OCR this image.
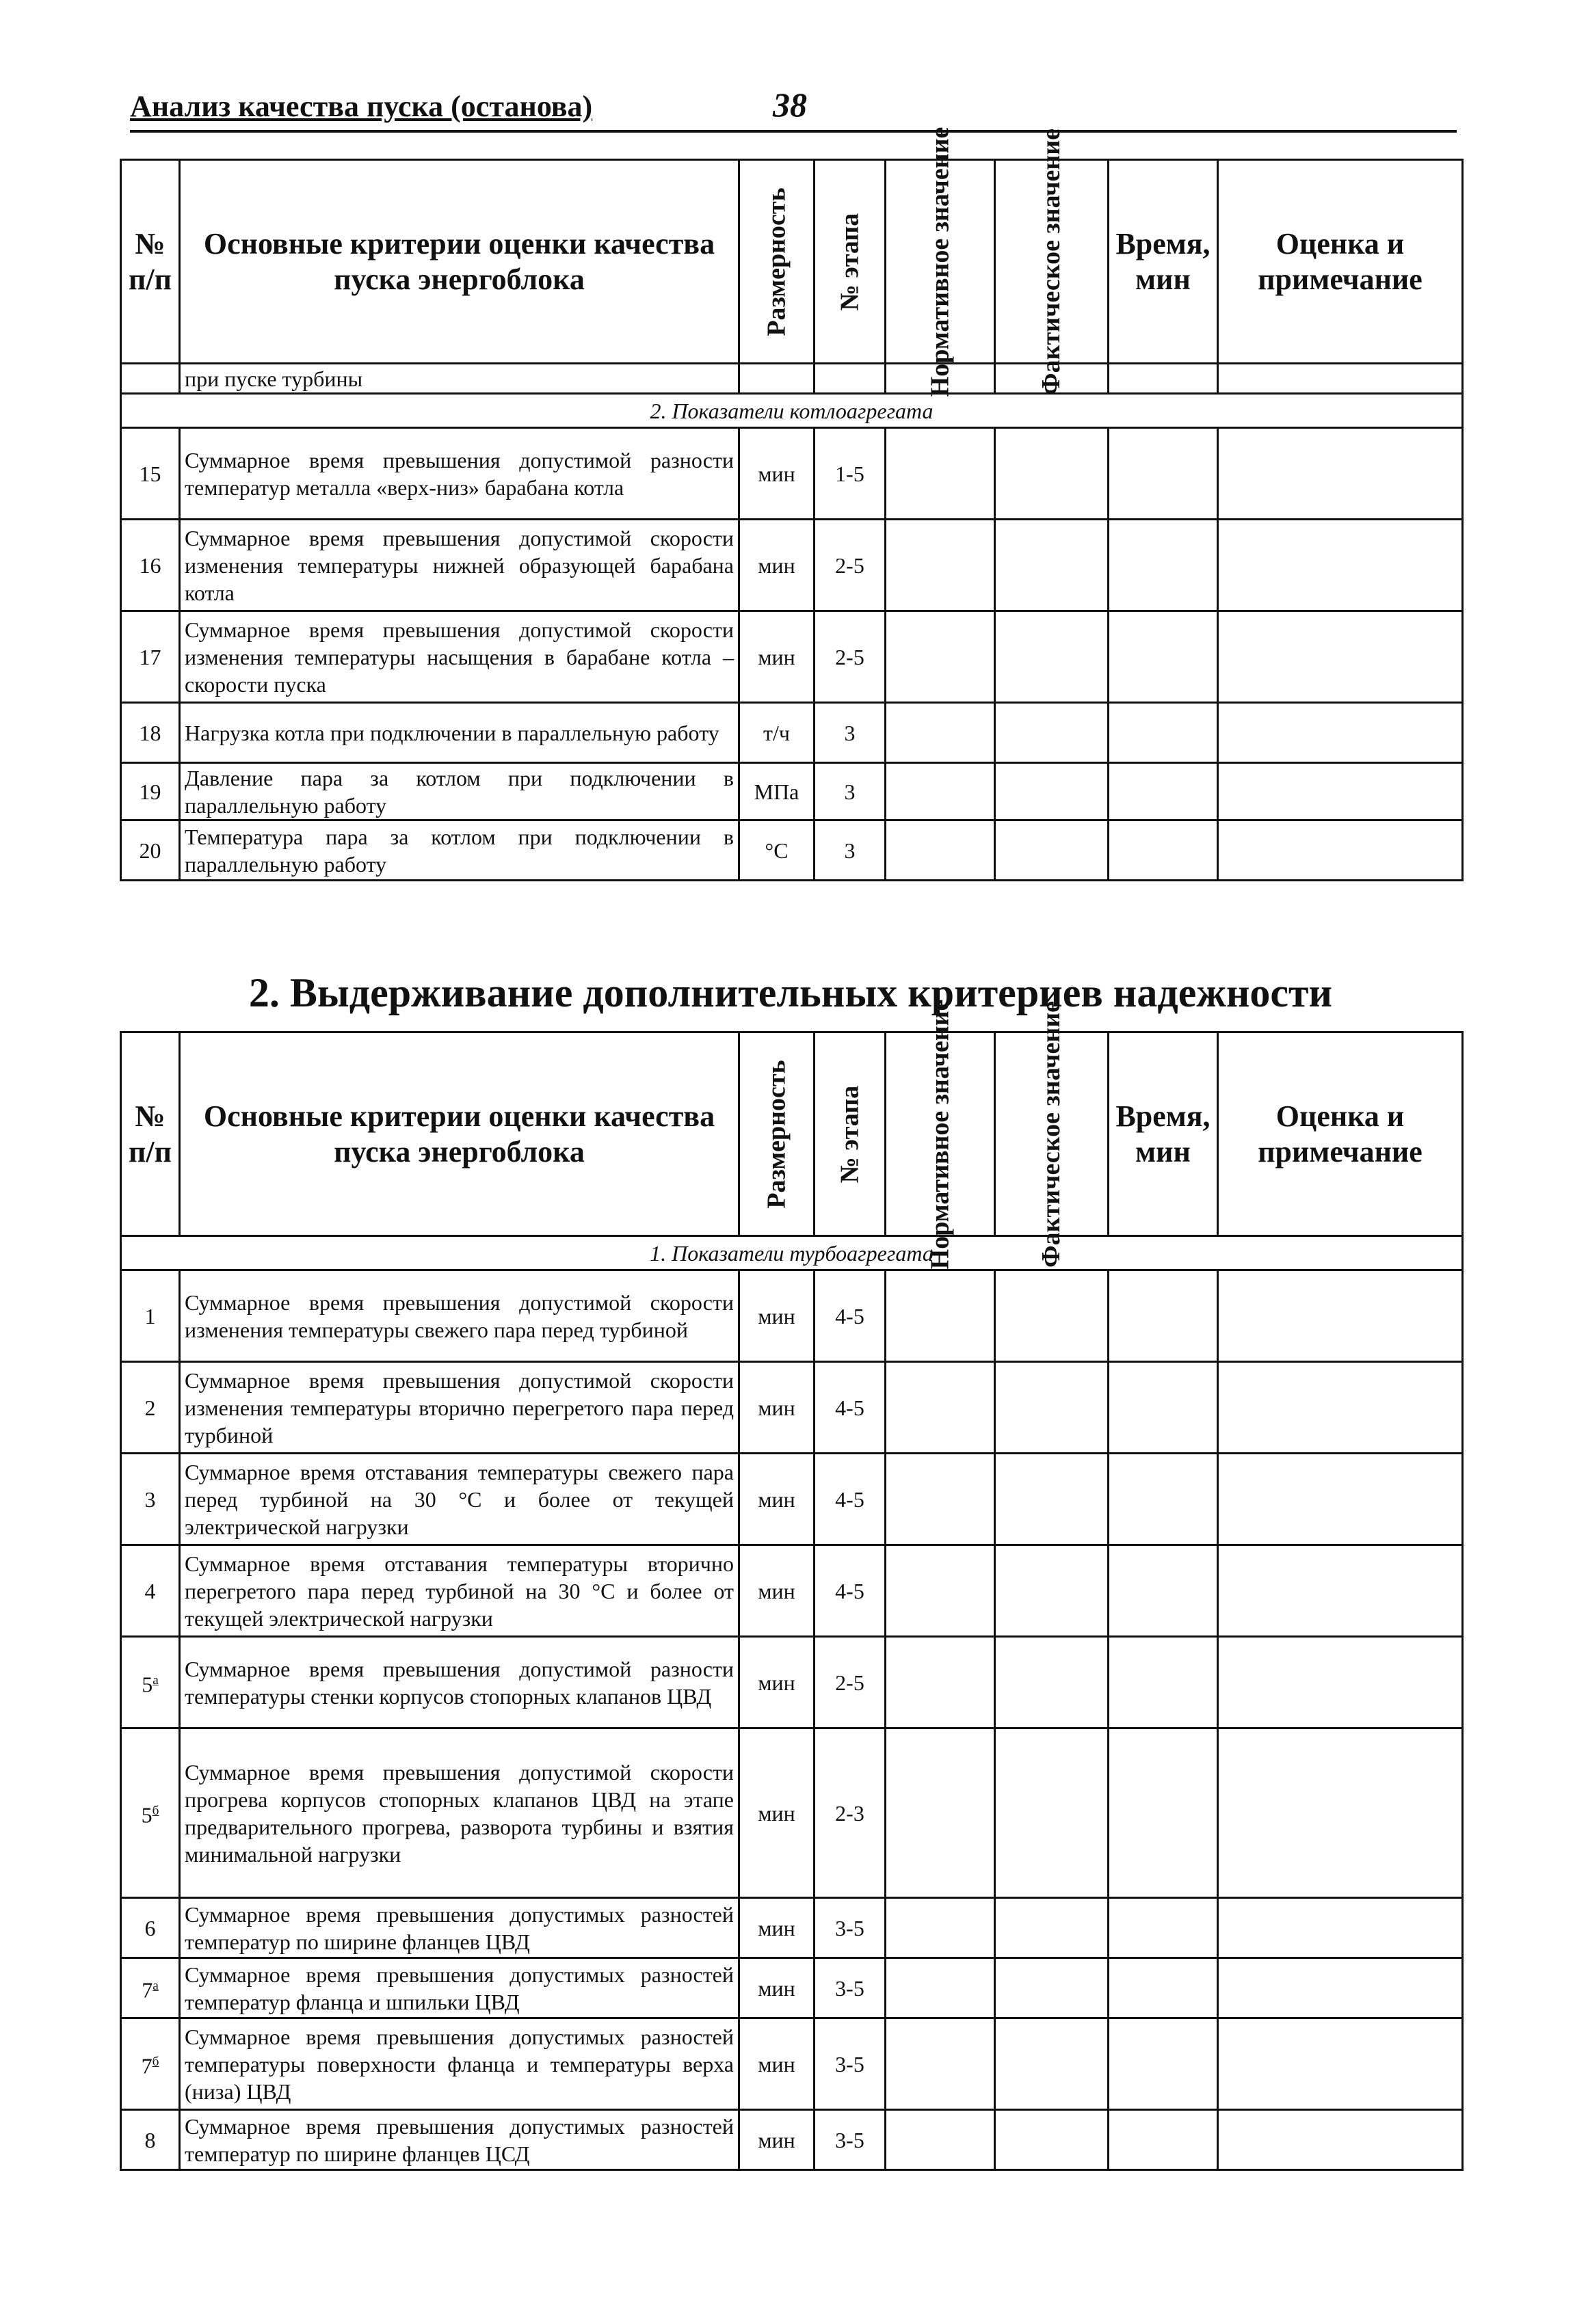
Анализ качества пуска (останова)	38
№ п/п	Основные критерии оценки качества пуска энергоблока	Размерность	№ этапа	Нормативное значение	Фактическое значение	Время, мин	Оценка и примечание
	при пуске турбины						
2. Показатели котлоагрегата							
15	Суммарное время превышения допустимой разности температур металла «верх-низ» барабана котла	мин	1-5				
16	Суммарное время превышения допустимой скорости изменения температуры нижней образующей барабана котла	мин	2-5				
17	Суммарное время превышения допустимой скорости изменения температуры насыщения в барабане котла – скорости пуска	мин	2-5				
18	Нагрузка котла при подключении в параллельную работу	т/ч	3				
19	Давление пара за котлом при подключении в параллельную работу	МПа	3				
20	Температура пара за котлом при подключении в параллельную работу	°С	3				
2. Выдерживание дополнительных критериев надежности
№ п/п	Основные критерии оценки качества пуска энергоблока	Размерность	№ этапа	Нормативное значение	Фактическое значение	Время, мин	Оценка и примечание
1. Показатели турбоагрегата							
1	Суммарное время превышения допустимой скорости изменения температуры свежего пара перед турбиной	мин	4-5				
2	Суммарное время превышения допустимой скорости изменения температуры вторично перегретого пара перед турбиной	мин	4-5				
3	Суммарное время отставания температуры свежего пара перед турбиной на 30 °С и более от текущей электрической нагрузки	мин	4-5				
4	Суммарное время отставания температуры вторично перегретого пара перед турбиной на 30 °С и более от текущей электрической нагрузки	мин	4-5				
$5^а$	Суммарное время превышения допустимой разности температуры стенки корпусов стопорных клапанов ЦВД	мин	2-5				
$5^б$	Суммарное время превышения допустимой скорости прогрева корпусов стопорных клапанов ЦВД на этапе предварительного прогрева, разворота турбины и взятия минимальной нагрузки	мин	2-3				
6	Суммарное время превышения допустимых разностей температур по ширине фланцев ЦВД	мин	3-5				
$7^а$	Суммарное время превышения допустимых разностей температур фланца и шпильки ЦВД	мин	3-5				
$7^б$	Суммарное время превышения допустимых разностей температуры поверхности фланца и температуры верха (низа) ЦВД	мин	3-5				
8	Суммарное время превышения допустимых разностей температур по ширине фланцев ЦСД	мин	3-5				
